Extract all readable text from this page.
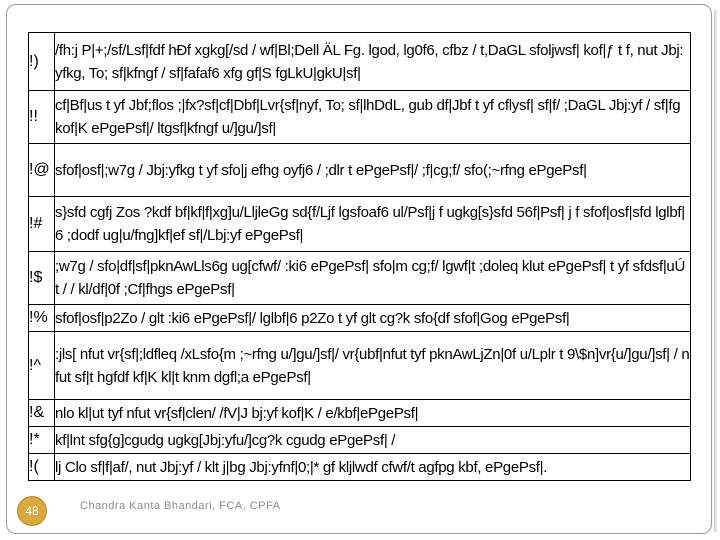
!)	/fh:j P|+;/sf/Lsf|fdf hÐf xgkg[/sd / wf|Bl;Dell ÄL Fg. lgod, lg0f6, cfbz / t,DaGL sfoljwsf| kof|ƒ t f, nut Jbj:yfkg, To; sf|kfngf / sf|fafaf6 xfg gf|S fgLkU|gkU|sf|
!!	cf|Bf|us t yf Jbf;flos ;|fx?sf|cf|Dbf|Lvr{sf|nyf, To; sf|lhDdL, gub df|Jbf t yf cflysf| sf|f/ ;DaGL Jbj:yf / sf|fg kof|K ePgePsf|/ ltgsf|kfngf u/]gu/]sf|
!@	sfof|osf|;w7g / Jbj:yfkg t yf sfo|j efhg oyfj6 / ;dlr t ePgePsf|/ ;f|cg;f/ sfo(;~rfng ePgePsf|
!#	s}sfd cgfj Zos ?kdf bf|kf|f|xg]u/LljleGg sd{f/Ljf lgsfoaf6 ul/Psf|j f ugkg[s}sfd 56f|Psf| j f sfof|osf|sfd lglbf|6 ;dodf ug|u/fng]kf|ef sf|/Lbj:yf ePgePsf|
!$	;w7g / sfo|df|sf|pknAwLls6g ug[cfwf/ :ki6 ePgePsf| sfo|m cg;f/ lgwf|t ;doleq klut ePgePsf| t yf sfdsf|uÚ t / / kl/df|0f ;Cf|fhgs ePgePsf|
!%	sfof|osf|p2Zo / glt :ki6 ePgePsf|/ lglbf|6 p2Zo t yf glt cg?k sfo{df sfof|Gog ePgePsf|
!^	:jls[ nfut vr{sf|;ldfleq /xLsfo{m ;~rfng u/]gu/]sf|/ vr{ubf|nfut tyf pknAwLjZn|0f u/Lplr t 9\$n]vr{u/]gu/]sf| / nfut sf|t hgfdf kf|K kl|t knm dgfl;a ePgePsf|
!&	nlo kl|ut tyf nfut vr{sf|clen/ /fV|J bj:yf kof|K / e/kbf|ePgePsf|
!*	kf|lnt sfg{g]cgudg ugkg[Jbj:yfu/]cg?k cgudg ePgePsf| /
!(	lj Clo sf|f|af/, nut Jbj:yf / klt j|bg Jbj:yfnf|0;|* gf kljlwdf cfwf/t agfpg kbf, ePgePsf|.
48	Chandra Kanta Bhandari, FCA, CPFA
